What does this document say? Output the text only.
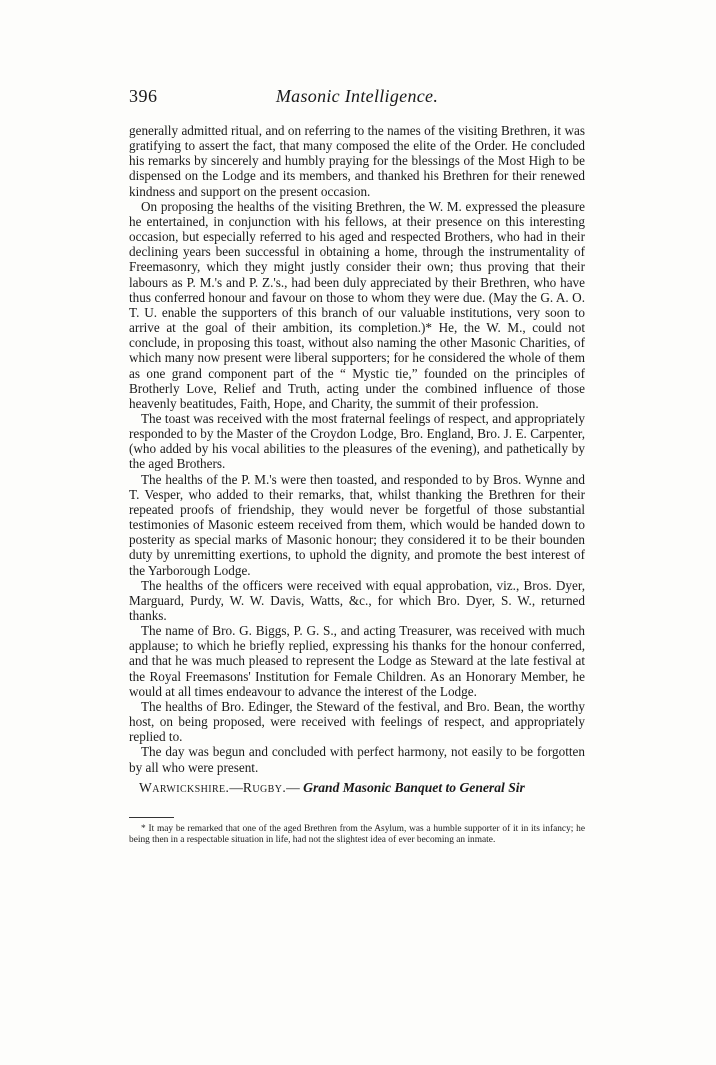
396	Masonic Intelligence.

generally admitted ritual, and on referring to the names of the visiting Brethren, it was gratifying to assert the fact, that many composed the elite of the Order. He concluded his remarks by sincerely and humbly praying for the blessings of the Most High to be dispensed on the Lodge and its members, and thanked his Brethren for their renewed kindness and support on the present occasion.

On proposing the healths of the visiting Brethren, the W. M. expressed the pleasure he entertained, in conjunction with his fellows, at their presence on this interesting occasion, but especially referred to his aged and respected Brothers, who had in their declining years been successful in obtaining a home, through the instrumentality of Freemasonry, which they might justly consider their own; thus proving that their labours as P. M.'s and P. Z.'s., had been duly appreciated by their Brethren, who have thus conferred honour and favour on those to whom they were due. (May the G. A. O. T. U. enable the supporters of this branch of our valuable institutions, very soon to arrive at the goal of their ambition, its completion.)* He, the W. M., could not conclude, in proposing this toast, without also naming the other Masonic Charities, of which many now present were liberal supporters; for he considered the whole of them as one grand component part of the “ Mystic tie,” founded on the principles of Brotherly Love, Relief and Truth, acting under the combined influence of those heavenly beatitudes, Faith, Hope, and Charity, the summit of their profession.

The toast was received with the most fraternal feelings of respect, and appropriately responded to by the Master of the Croydon Lodge, Bro. England, Bro. J. E. Carpenter, (who added by his vocal abilities to the pleasures of the evening), and pathetically by the aged Brothers.

The healths of the P. M.'s were then toasted, and responded to by Bros. Wynne and T. Vesper, who added to their remarks, that, whilst thanking the Brethren for their repeated proofs of friendship, they would never be forgetful of those substantial testimonies of Masonic esteem received from them, which would be handed down to posterity as special marks of Masonic honour; they considered it to be their bounden duty by unremitting exertions, to uphold the dignity, and promote the best interest of the Yarborough Lodge.

The healths of the officers were received with equal approbation, viz., Bros. Dyer, Marguard, Purdy, W. W. Davis, Watts, &c., for which Bro. Dyer, S. W., returned thanks.

The name of Bro. G. Biggs, P. G. S., and acting Treasurer, was received with much applause; to which he briefly replied, expressing his thanks for the honour conferred, and that he was much pleased to represent the Lodge as Steward at the late festival at the Royal Freemasons' Institution for Female Children. As an Honorary Member, he would at all times endeavour to advance the interest of the Lodge.

The healths of Bro. Edinger, the Steward of the festival, and Bro. Bean, the worthy host, on being proposed, were received with feelings of respect, and appropriately replied to.

The day was begun and concluded with perfect harmony, not easily to be forgotten by all who were present.

Warwickshire.—Rugby.— Grand Masonic Banquet to General Sir

* It may be remarked that one of the aged Brethren from the Asylum, was a humble supporter of it in its infancy; he being then in a respectable situation in life, had not the slightest idea of ever becoming an inmate.
